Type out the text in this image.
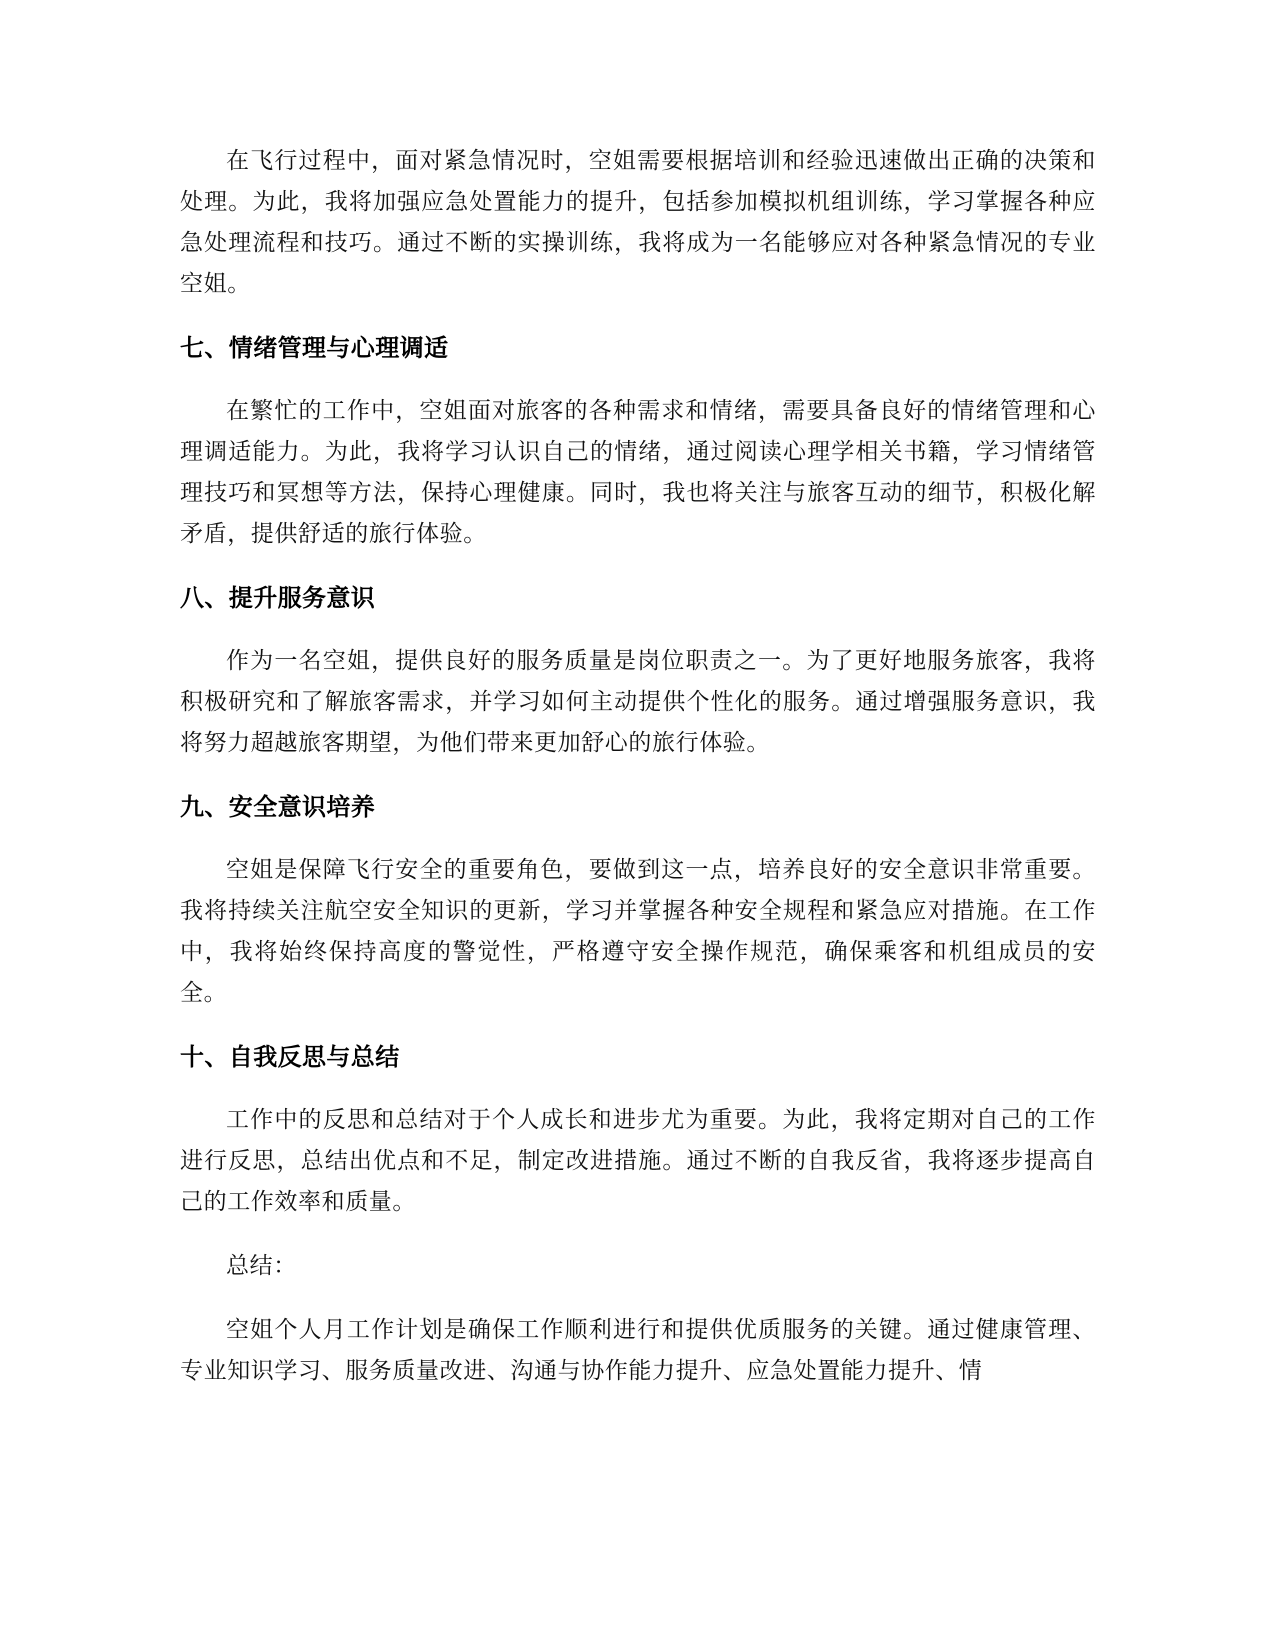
在飞行过程中，面对紧急情况时，空姐需要根据培训和经验迅速做出正确的决策和处理。为此，我将加强应急处置能力的提升，包括参加模拟机组训练，学习掌握各种应急处理流程和技巧。通过不断的实操训练，我将成为一名能够应对各种紧急情况的专业空姐。

七、情绪管理与心理调适

在繁忙的工作中，空姐面对旅客的各种需求和情绪，需要具备良好的情绪管理和心理调适能力。为此，我将学习认识自己的情绪，通过阅读心理学相关书籍，学习情绪管理技巧和冥想等方法，保持心理健康。同时，我也将关注与旅客互动的细节，积极化解矛盾，提供舒适的旅行体验。

八、提升服务意识

作为一名空姐，提供良好的服务质量是岗位职责之一。为了更好地服务旅客，我将积极研究和了解旅客需求，并学习如何主动提供个性化的服务。通过增强服务意识，我将努力超越旅客期望，为他们带来更加舒心的旅行体验。

九、安全意识培养

空姐是保障飞行安全的重要角色，要做到这一点，培养良好的安全意识非常重要。我将持续关注航空安全知识的更新，学习并掌握各种安全规程和紧急应对措施。在工作中，我将始终保持高度的警觉性，严格遵守安全操作规范，确保乘客和机组成员的安全。

十、自我反思与总结

工作中的反思和总结对于个人成长和进步尤为重要。为此，我将定期对自己的工作进行反思，总结出优点和不足，制定改进措施。通过不断的自我反省，我将逐步提高自己的工作效率和质量。

总结：

空姐个人月工作计划是确保工作顺利进行和提供优质服务的关键。通过健康管理、专业知识学习、服务质量改进、沟通与协作能力提升、应急处置能力提升、情
